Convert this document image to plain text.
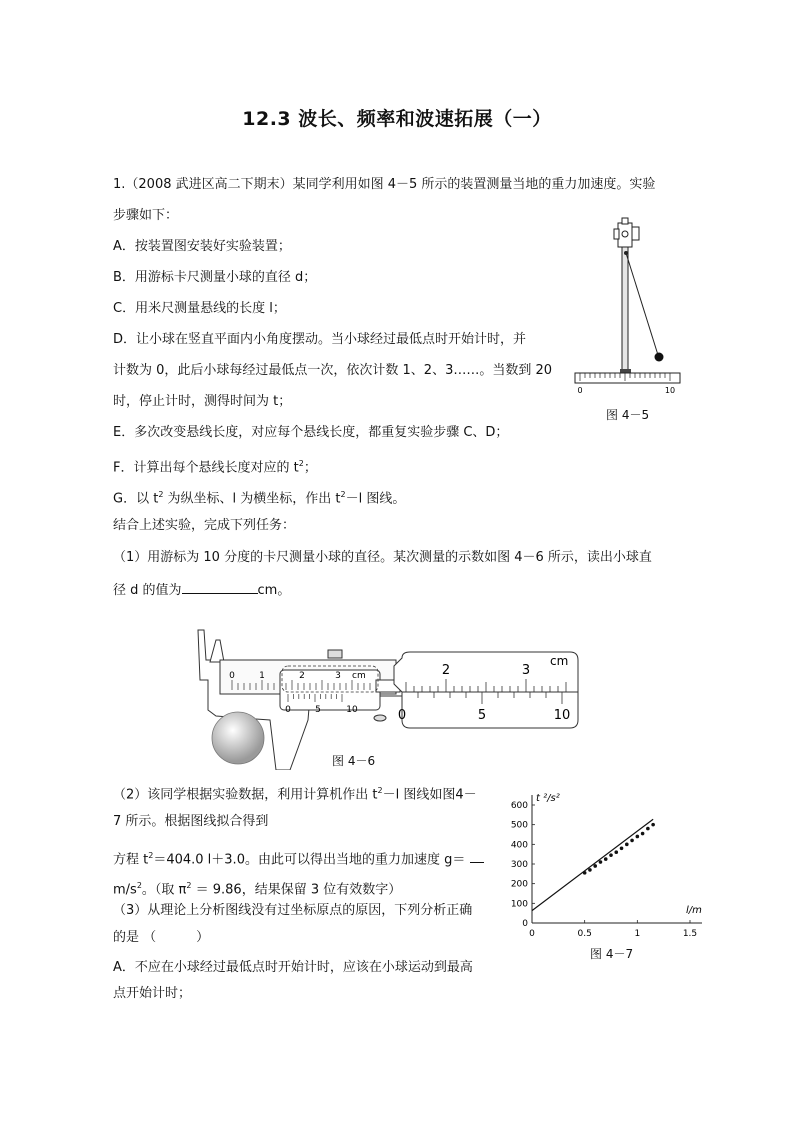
12.3 波长、频率和波速拓展（一）
1.（2008 武进区高二下期末）某同学利用如图 4－5 所示的装置测量当地的重力加速度。实验
步骤如下：
A．按装置图安装好实验装置；
B．用游标卡尺测量小球的直径 d；
C．用米尺测量悬线的长度 l；
D．让小球在竖直平面内小角度摆动。当小球经过最低点时开始计时，并
计数为 0，此后小球每经过最低点一次，依次计数 1、2、3……。当数到 20
时，停止计时，测得时间为 t；
E．多次改变悬线长度，对应每个悬线长度，都重复实验步骤 C、D；
F．计算出每个悬线长度对应的 $t^2$；
G．以 $t^2$ 为纵坐标、l 为横坐标，作出 $t^2-l$ 图线。
结合上述实验，完成下列任务：
（1）用游标为 10 分度的卡尺测量小球的直径。某次测量的示数如图 4－6 所示，读出小球直
径 d 的值为	cm。
（2）该同学根据实验数据，利用计算机作出 $t^2-l$ 图线如图4－
7 所示。根据图线拟合得到
方程 $t^2=404.0$ l＋3.0。由此可以得出当地的重力加速度 g＝
$m/s^2$。（取 $\pi^2 = 9.86$，结果保留 3 位有效数字）
（3）从理论上分析图线没有过坐标原点的原因，下列分析正确
的是 （	）
A．不应在小球经过最低点时开始计时，应该在小球运动到最高
点开始计时；
0	10
图 4－5
0	1	2	3 cm
0	5	10
2	3
cm
0	5	10
图 4－6
t ²/s²
l/m
0
100
200
300
400
500
600
0	0.5	1	1.5
图 4－7
